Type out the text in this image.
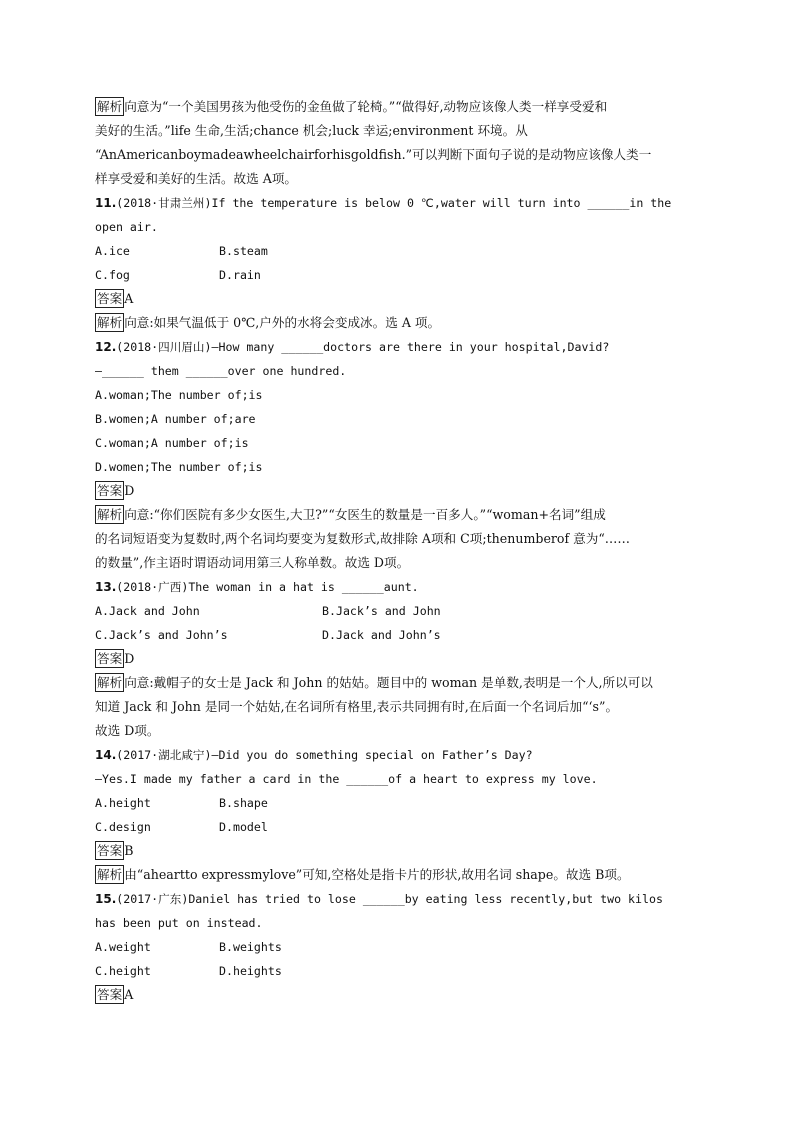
解析 向意为“一个美国男孩为他受伤的金鱼做了轮椅。”“做得好,动物应该像人类一样享受爱和
美好的生活。”life 生命,生活;chance 机会;luck 幸运;environment 环境。从
“AnAmericanboymadeawheelchairforhisgoldfish.”可以判断下面句子说的是动物应该像人类一
样享受爱和美好的生活。故选 A项。
11.(2018·甘肃兰州)If the temperature is below 0 ℃,water will turn into ______in the
open air.
A.ice	B.steam
C.fog	D.rain
答案 A
解析 向意:如果气温低于 0℃,户外的水将会变成冰。选 A 项。
12.(2018·四川眉山)—How many ______doctors are there in your hospital,David?
—______ them ______over one hundred.
A.woman;The number of;is
B.women;A number of;are
C.woman;A number of;is
D.women;The number of;is
答案 D
解析 向意:“你们医院有多少女医生,大卫?”“女医生的数量是一百多人。”“woman+名词”组成
的名词短语变为复数时,两个名词均要变为复数形式,故排除 A项和 C项;thenumberof 意为“……
的数量”,作主语时谓语动词用第三人称单数。故选 D项。
13.(2018·广西)The woman in a hat is ______aunt.
A.Jack and John	B.Jack’s and John
C.Jack’s and John’s	D.Jack and John’s
答案 D
解析 向意:戴帽子的女士是 Jack 和 John 的姑姑。题目中的 woman 是单数,表明是一个人,所以可以
知道 Jack 和 John 是同一个姑姑,在名词所有格里,表示共同拥有时,在后面一个名词后加“‘s”。
故选 D项。
14.(2017·湖北咸宁)—Did you do something special on Father’s Day?
—Yes.I made my father a card in the ______of a heart to express my love.
A.height	B.shape
C.design	D.model
答案 B
解析 由“aheartto expressmylove”可知,空格处是指卡片的形状,故用名词 shape。故选 B项。
15.(2017·广东)Daniel has tried to lose ______by eating less recently,but two kilos
has been put on instead.
A.weight	B.weights
C.height	D.heights
答案 A
